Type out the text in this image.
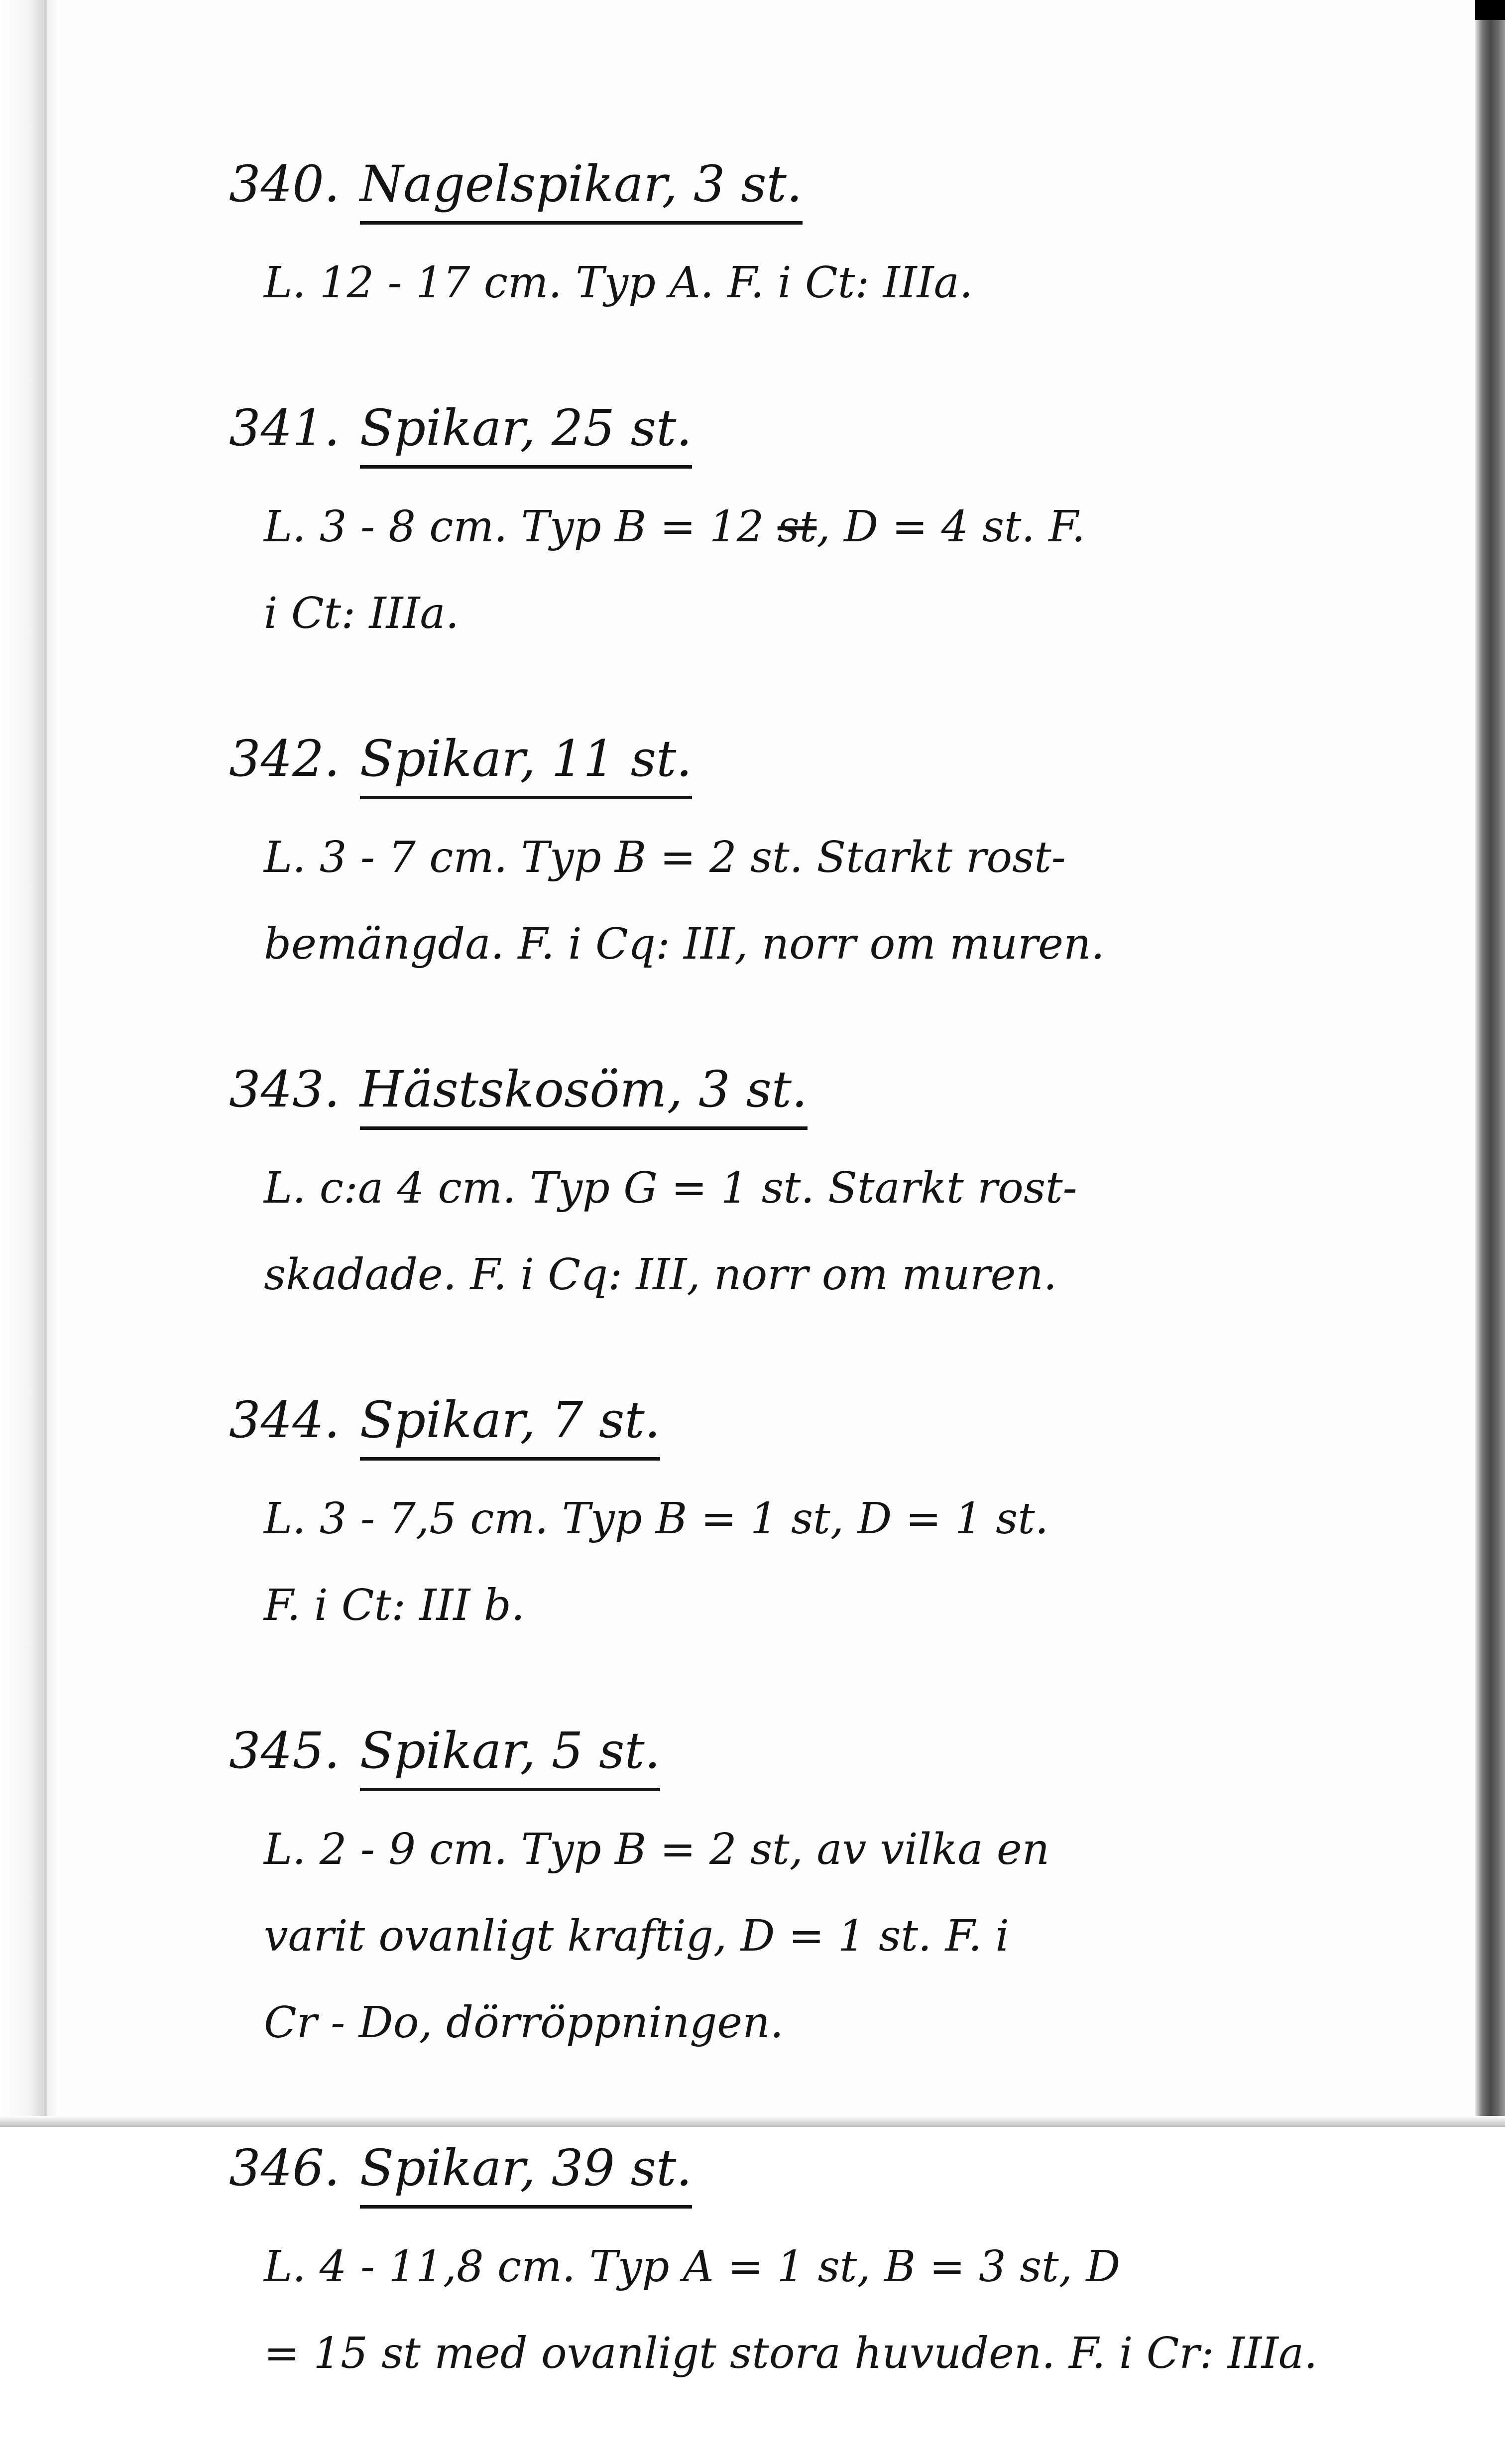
340. Nagelspikar, 3 st.
L. 12 - 17 cm. Typ A. F. i Ct: IIIa.
341. Spikar, 25 st.
L. 3 - 8 cm. Typ B = 12 st, D = 4 st. F.
i Ct: IIIa.
342. Spikar, 11 st.
L. 3 - 7 cm. Typ B = 2 st. Starkt rost-
bemängda. F. i Cq: III, norr om muren.
343. Hästskosöm, 3 st.
L. c:a 4 cm. Typ G = 1 st. Starkt rost-
skadade. F. i Cq: III, norr om muren.
344. Spikar, 7 st.
L. 3 - 7,5 cm. Typ B = 1 st, D = 1 st.
F. i Ct: III b.
345. Spikar, 5 st.
L. 2 - 9 cm. Typ B = 2 st, av vilka en
varit ovanligt kraftig, D = 1 st. F. i
Cr - Do, dörröppningen.
346. Spikar, 39 st.
L. 4 - 11,8 cm. Typ A = 1 st, B = 3 st, D
= 15 st med ovanligt stora huvuden. F. i Cr: IIIa.
